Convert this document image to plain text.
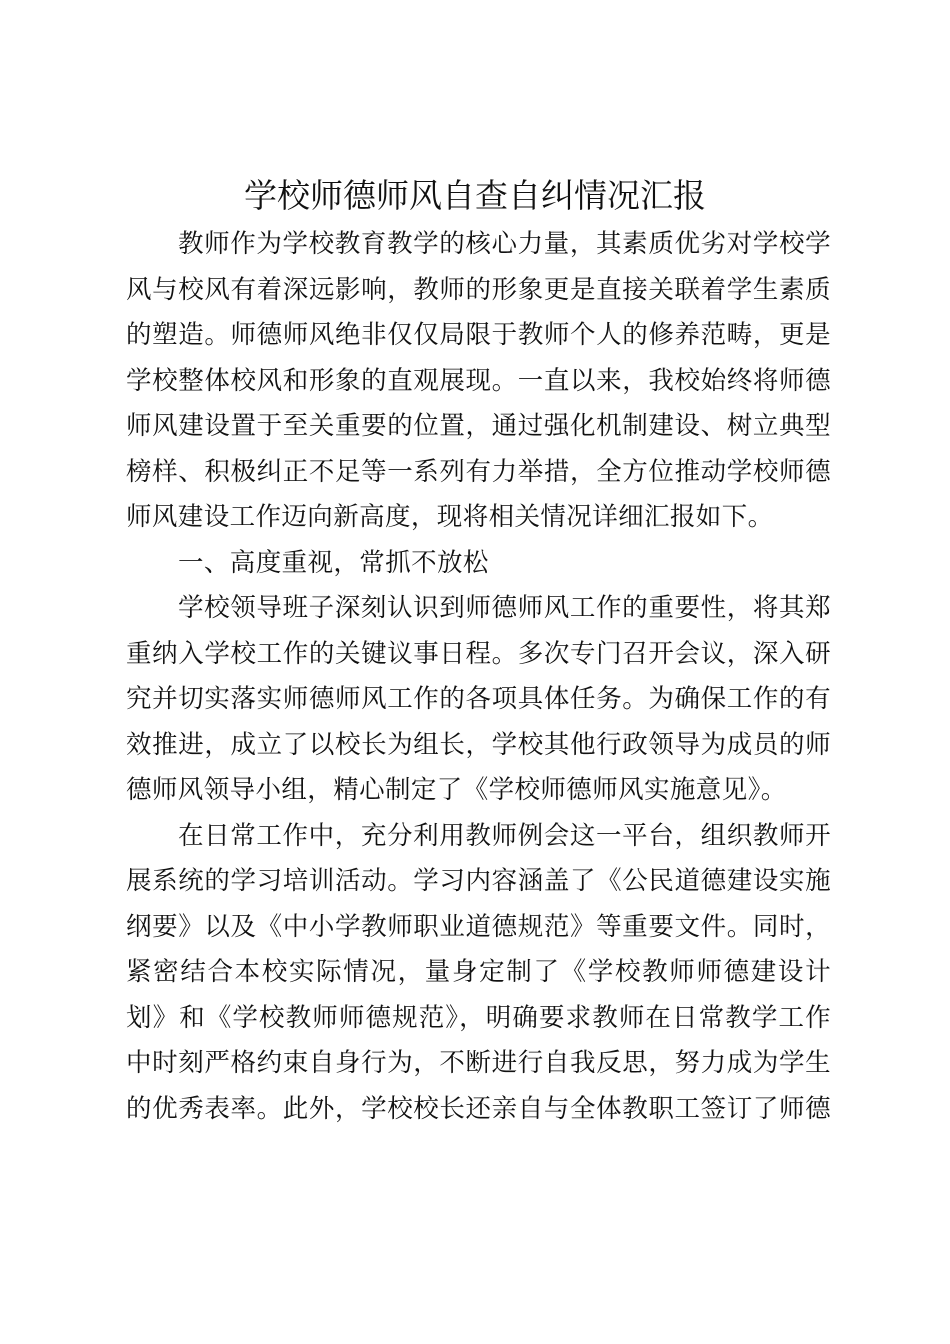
学校师德师风自查自纠情况汇报
教师作为学校教育教学的核心力量，其素质优劣对学校学
风与校风有着深远影响，教师的形象更是直接关联着学生素质
的塑造。师德师风绝非仅仅局限于教师个人的修养范畴，更是
学校整体校风和形象的直观展现。一直以来，我校始终将师德
师风建设置于至关重要的位置，通过强化机制建设、树立典型
榜样、积极纠正不足等一系列有力举措，全方位推动学校师德
师风建设工作迈向新高度，现将相关情况详细汇报如下。
一、高度重视，常抓不放松
学校领导班子深刻认识到师德师风工作的重要性，将其郑
重纳入学校工作的关键议事日程。多次专门召开会议，深入研
究并切实落实师德师风工作的各项具体任务。为确保工作的有
效推进，成立了以校长为组长，学校其他行政领导为成员的师
德师风领导小组，精心制定了《学校师德师风实施意见》。
在日常工作中，充分利用教师例会这一平台，组织教师开
展系统的学习培训活动。学习内容涵盖了《公民道德建设实施
纲要》以及《中小学教师职业道德规范》等重要文件。同时，
紧密结合本校实际情况，量身定制了《学校教师师德建设计
划》和《学校教师师德规范》，明确要求教师在日常教学工作
中时刻严格约束自身行为，不断进行自我反思，努力成为学生
的优秀表率。此外，学校校长还亲自与全体教职工签订了师德
